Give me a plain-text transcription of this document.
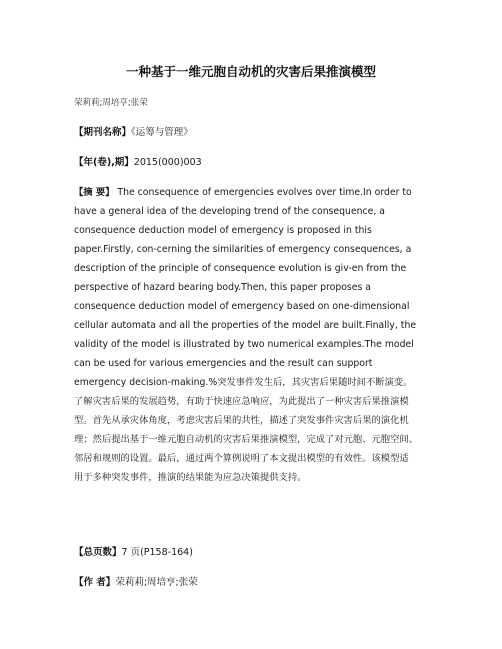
一种基于一维元胞自动机的灾害后果推演模型
荣莉莉;周培亨;张荣
【期刊名称】《运筹与管理》
【年(卷),期】2015(000)003
【摘 要】 The consequence of emergencies evolves over time.In order to
have a general idea of the developing trend of the consequence, a
consequence deduction model of emergency is proposed in this
paper.Firstly, con-cerning the similarities of emergency consequences, a
description of the principle of consequence evolution is giv-en from the
perspective of hazard bearing body.Then, this paper proposes a
consequence deduction model of emergency based on one-dimensional
cellular automata and all the properties of the model are built.Finally, the
validity of the model is illustrated by two numerical examples.The model
can be used for various emergencies and the result can support
emergency decision-making.%突发事件发生后，其灾害后果随时间不断演变。
了解灾害后果的发展趋势，有助于快速应急响应，为此提出了一种灾害后果推演模
型。首先从承灾体角度，考虑灾害后果的共性，描述了突发事件灾害后果的演化机
理；然后提出基于一维元胞自动机的灾害后果推演模型，完成了对元胞、元胞空间、
邻居和规则的设置。最后，通过两个算例说明了本文提出模型的有效性。该模型适
用于多种突发事件，推演的结果能为应急决策提供支持。
【总页数】7 页(P158-164)
【作 者】荣莉莉;周培亨;张荣
